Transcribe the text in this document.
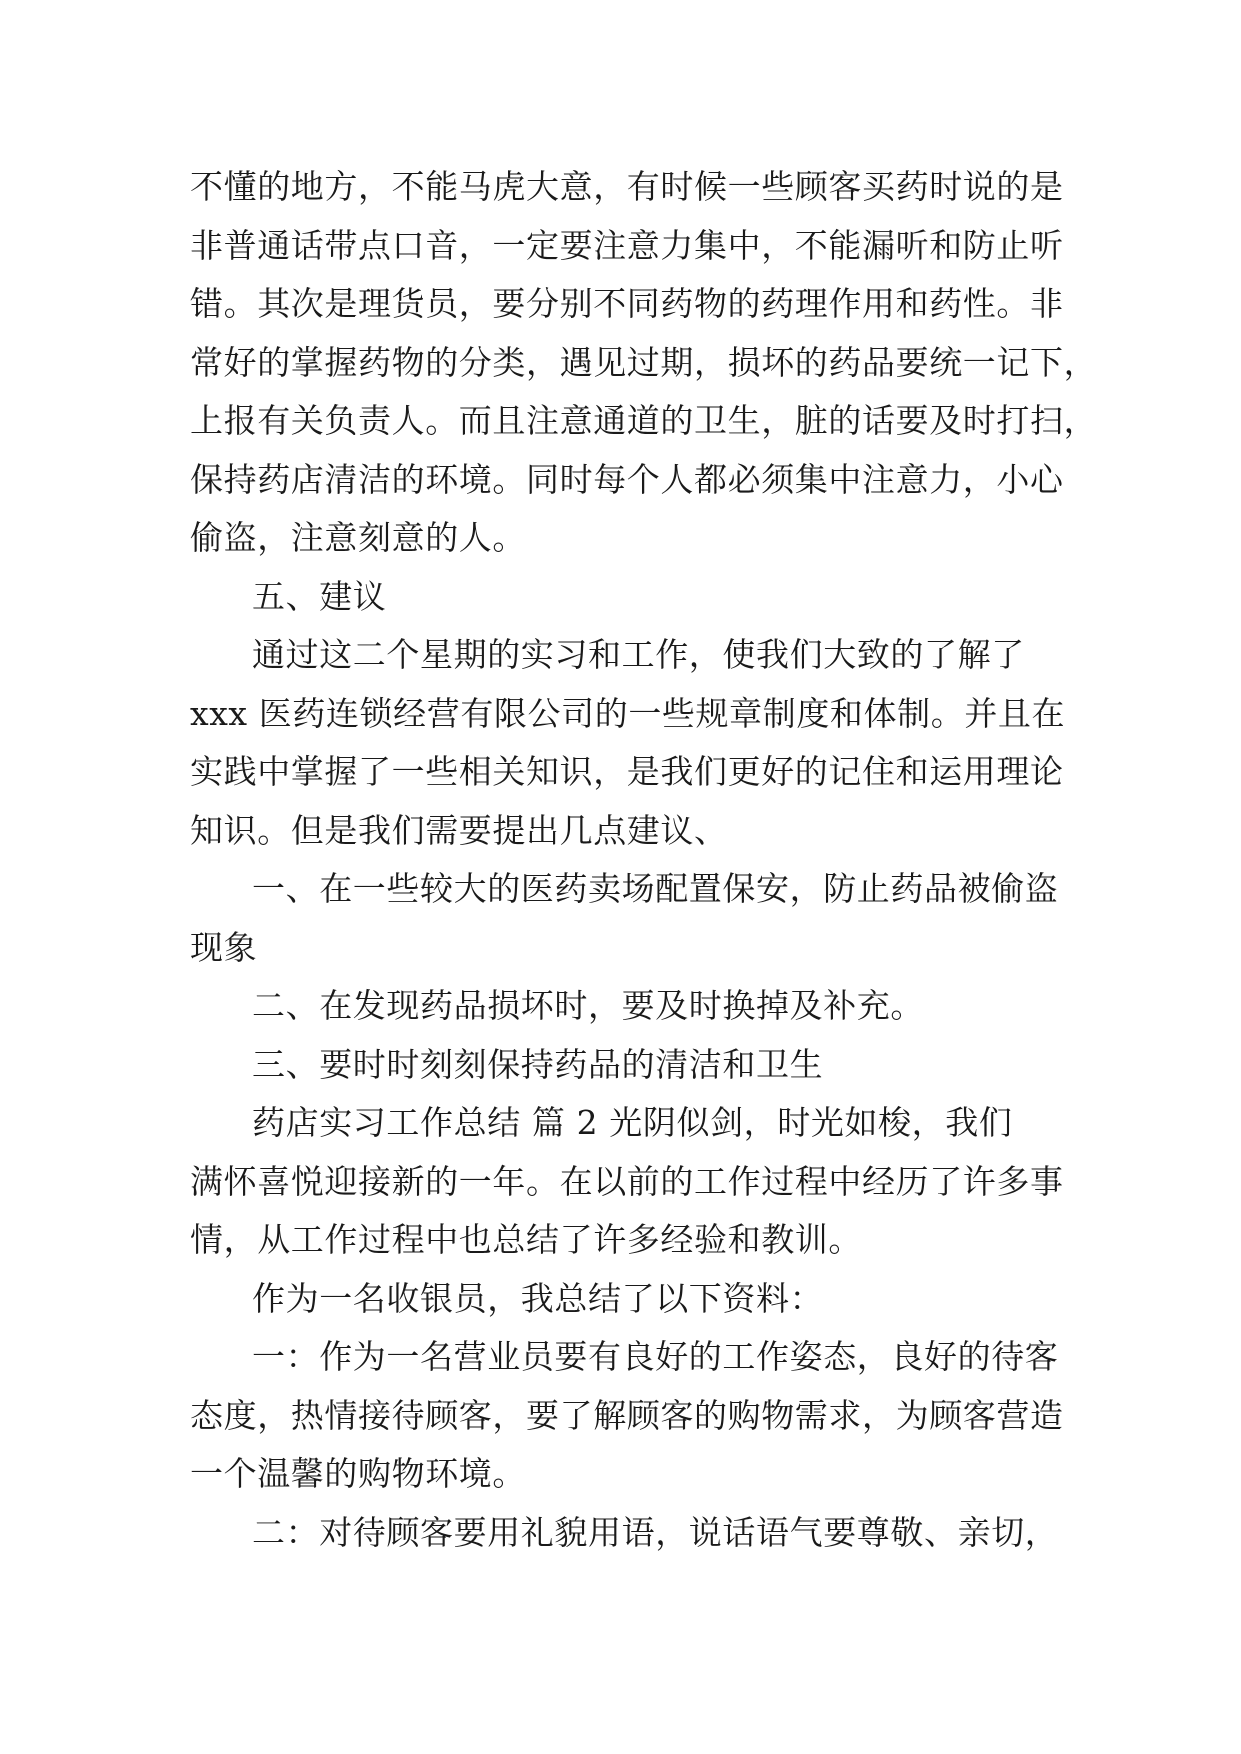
不懂的地方，不能马虎大意，有时候一些顾客买药时说的是
非普通话带点口音，一定要注意力集中，不能漏听和防止听
错。其次是理货员，要分别不同药物的药理作用和药性。非
常好的掌握药物的分类，遇见过期，损坏的药品要统一记下，
上报有关负责人。而且注意通道的卫生，脏的话要及时打扫，
保持药店清洁的环境。同时每个人都必须集中注意力，小心
偷盗，注意刻意的人。
五、建议
通过这二个星期的实习和工作，使我们大致的了解了
xxx 医药连锁经营有限公司的一些规章制度和体制。并且在
实践中掌握了一些相关知识，是我们更好的记住和运用理论
知识。但是我们需要提出几点建议、
一、在一些较大的医药卖场配置保安，防止药品被偷盗
现象
二、在发现药品损坏时，要及时换掉及补充。
三、要时时刻刻保持药品的清洁和卫生
药店实习工作总结 篇 2 光阴似剑，时光如梭，我们
满怀喜悦迎接新的一年。在以前的工作过程中经历了许多事
情，从工作过程中也总结了许多经验和教训。
作为一名收银员，我总结了以下资料：
一：作为一名营业员要有良好的工作姿态，良好的待客
态度，热情接待顾客，要了解顾客的购物需求，为顾客营造
一个温馨的购物环境。
二：对待顾客要用礼貌用语，说话语气要尊敬、亲切，
